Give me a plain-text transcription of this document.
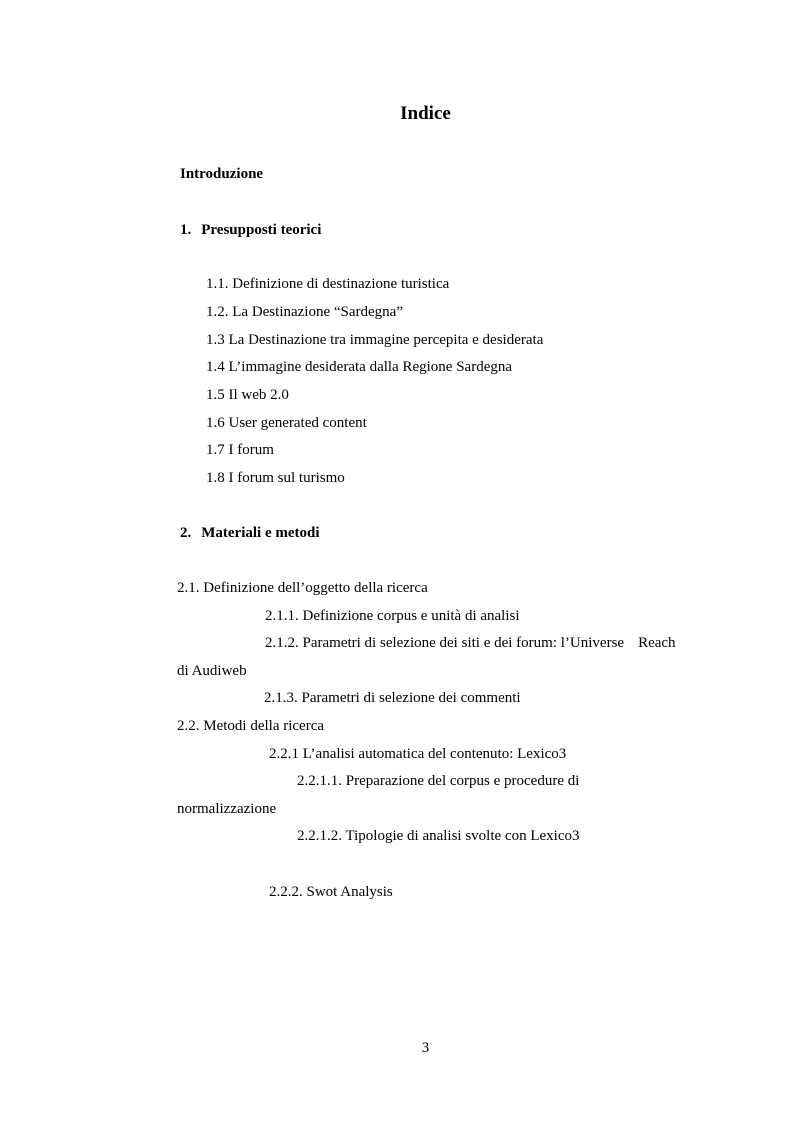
Indice
Introduzione
1. Presupposti teorici
1.1. Definizione di destinazione turistica
1.2. La Destinazione “Sardegna”
1.3 La Destinazione tra immagine percepita e desiderata
1.4 L’immagine desiderata dalla Regione Sardegna
1.5 Il web 2.0
1.6 User generated content
1.7 I forum
1.8 I forum sul turismo
2. Materiali e metodi
2.1. Definizione dell’oggetto della ricerca
2.1.1. Definizione corpus e unità di analisi
2.1.2. Parametri di selezione dei siti e dei forum: l’Universe Reach
di Audiweb
2.1.3. Parametri di selezione dei commenti
2.2. Metodi della ricerca
2.2.1 L’analisi automatica del contenuto: Lexico3
2.2.1.1. Preparazione del corpus e procedure di
normalizzazione
2.2.1.2. Tipologie di analisi svolte con Lexico3
2.2.2. Swot Analysis
3
